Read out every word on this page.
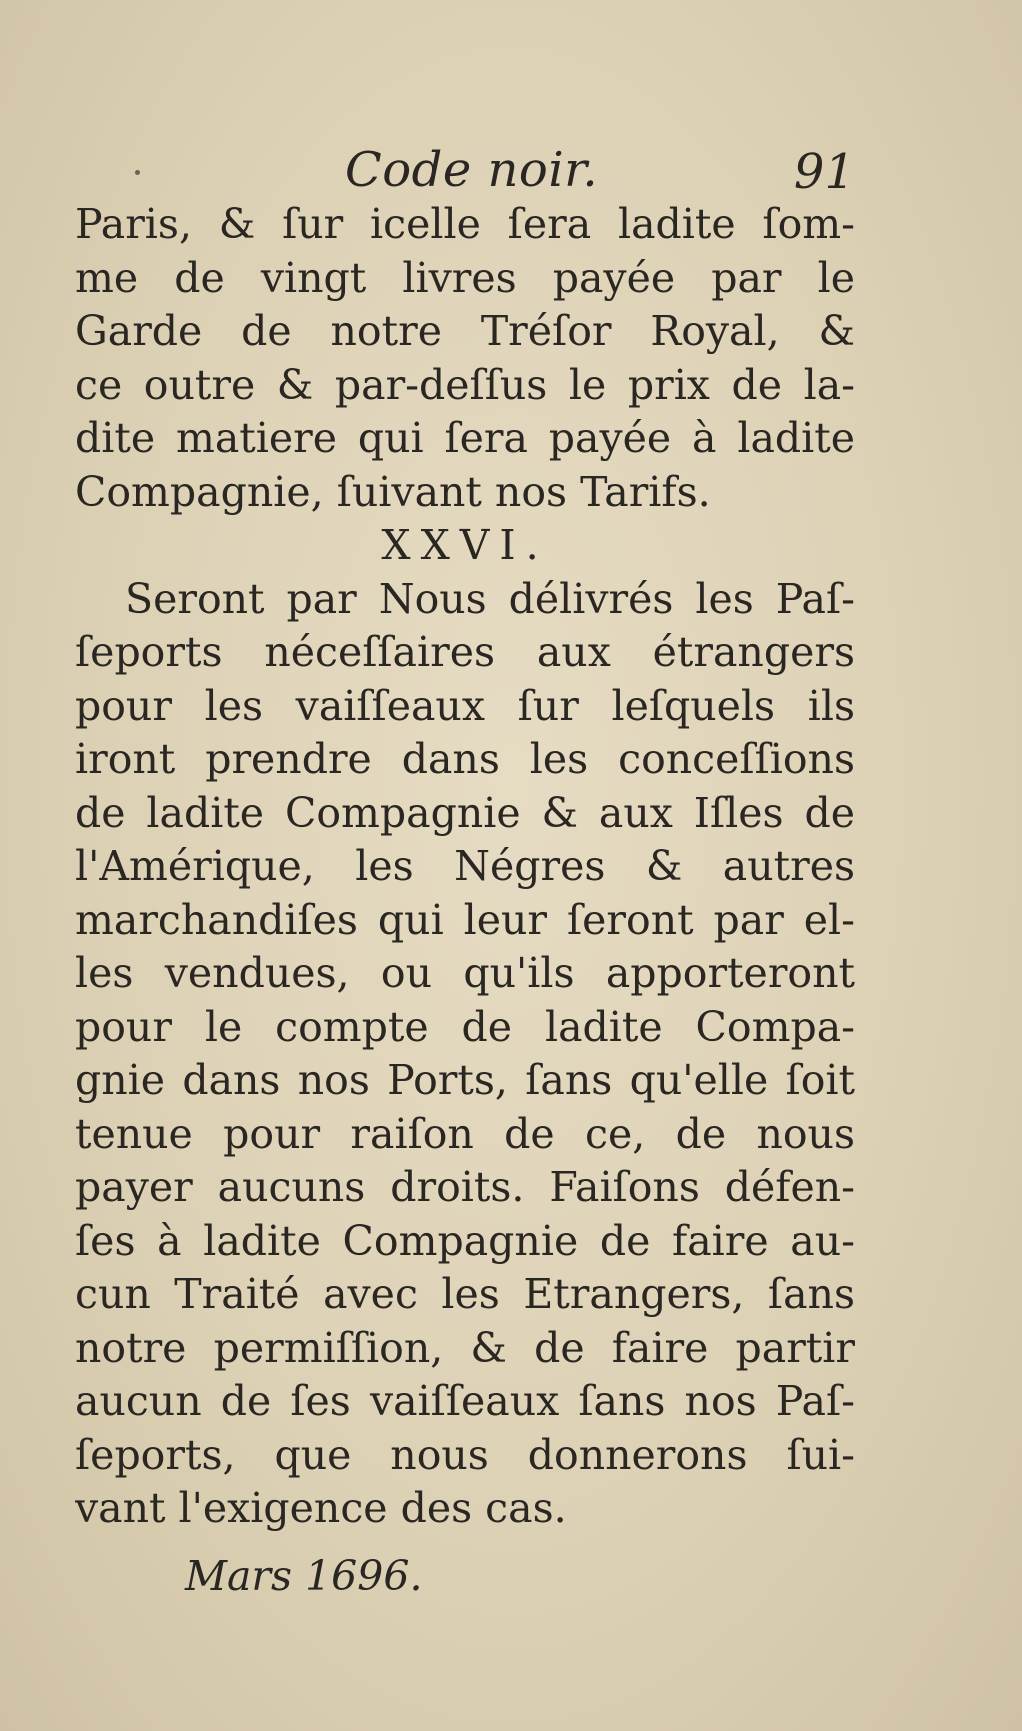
Code noir.	91
Paris, & ſur icelle ſera ladite ſom-
me de vingt livres payée par le
Garde de notre Tréſor Royal, &
ce outre & par-deſſus le prix de la-
dite matiere qui ſera payée à ladite
Compagnie, ſuivant nos Tarifs.
XXVI.
Seront par Nous délivrés les Paſ-
ſeports néceſſaires aux étrangers
pour les vaiſſeaux ſur leſquels ils
iront prendre dans les conceſſions
de ladite Compagnie & aux Iſles de
l'Amérique, les Négres & autres
marchandiſes qui leur ſeront par el-
les vendues, ou qu'ils apporteront
pour le compte de ladite Compa-
gnie dans nos Ports, ſans qu'elle ſoit
tenue pour raiſon de ce, de nous
payer aucuns droits. Faiſons défen-
ſes à ladite Compagnie de faire au-
cun Traité avec les Etrangers, ſans
notre permiſſion, & de faire partir
aucun de ſes vaiſſeaux ſans nos Paſ-
ſeports, que nous donnerons ſui-
vant l'exigence des cas.
Mars 1696.
